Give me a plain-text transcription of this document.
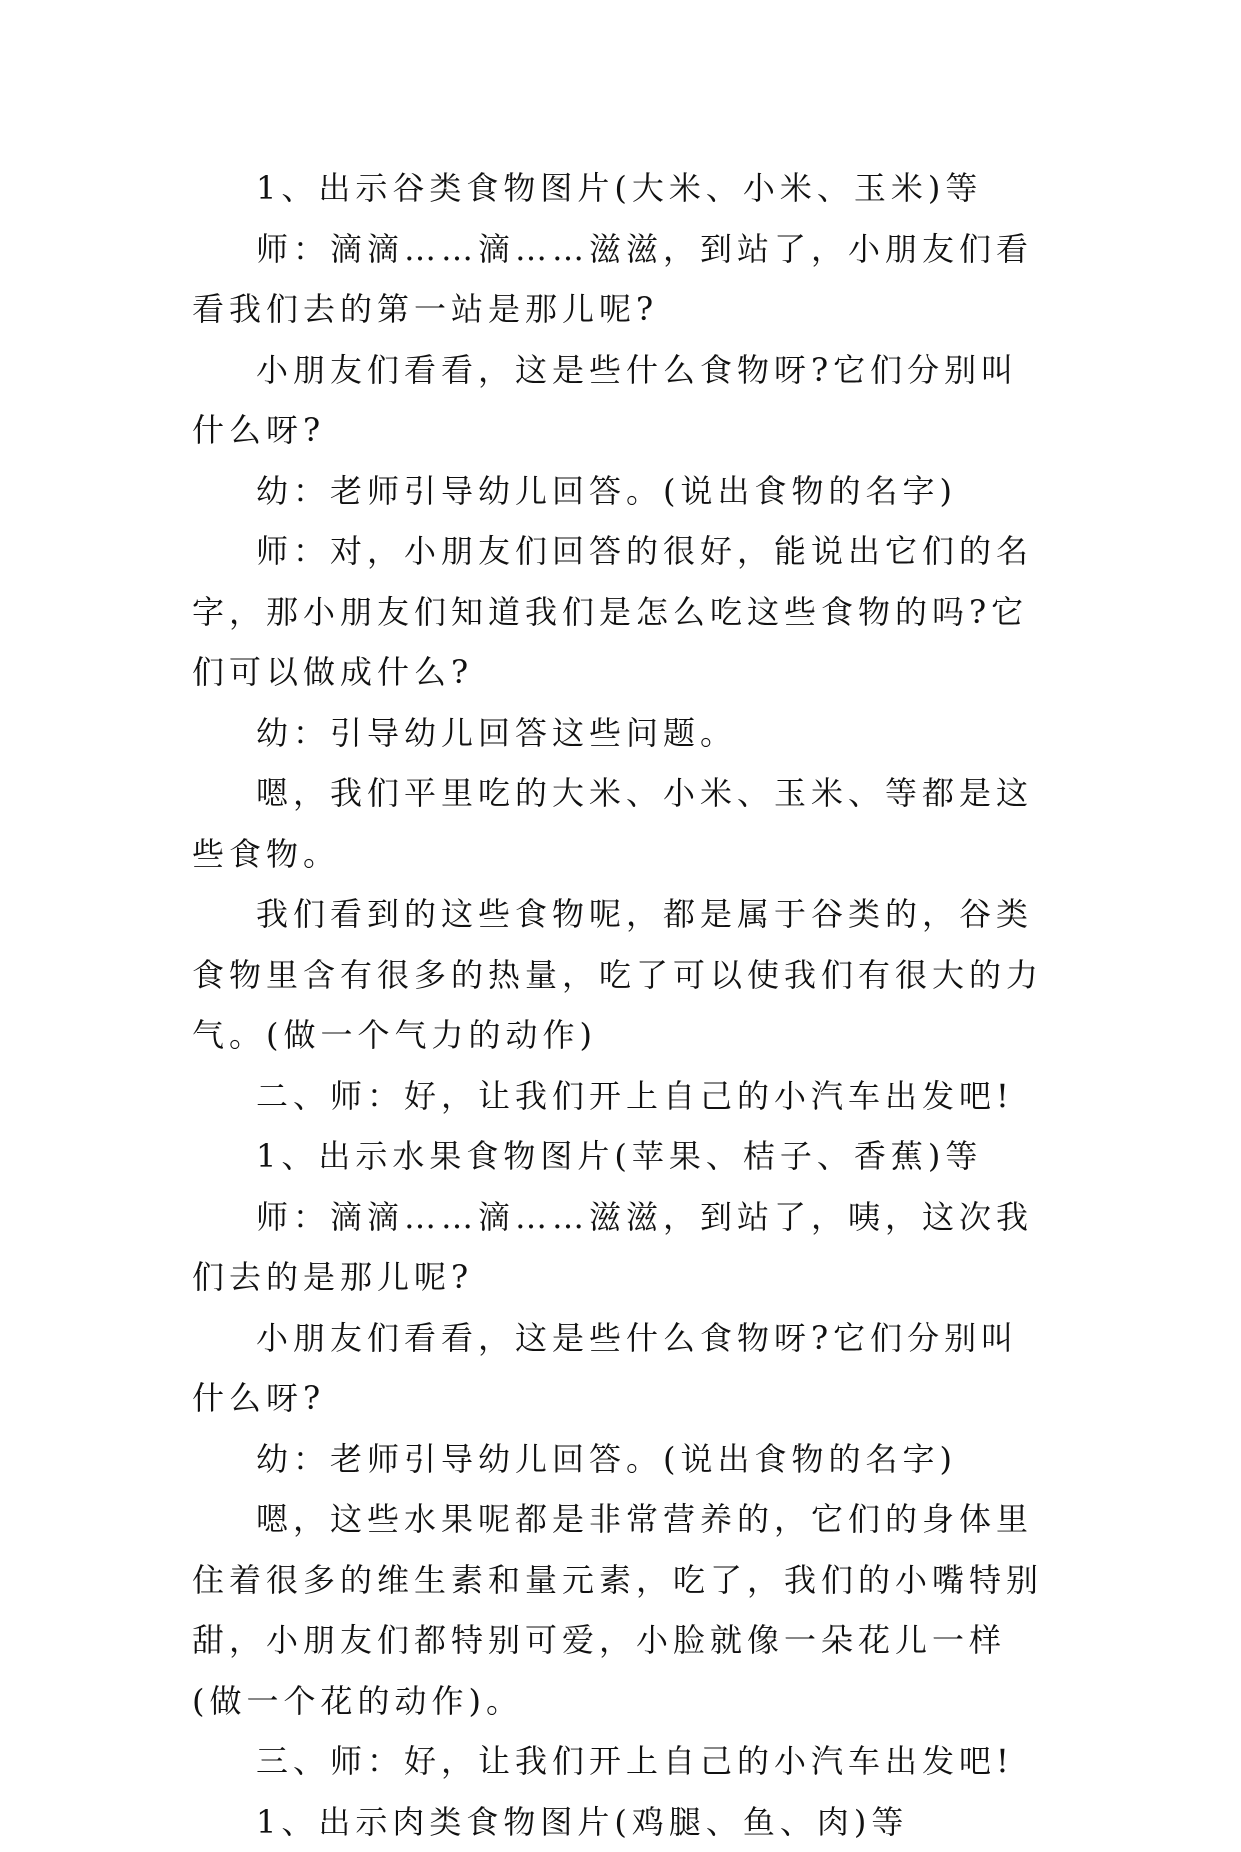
1、出示谷类食物图片(大米、小米、玉米)等

师：滴滴……滴……滋滋，到站了，小朋友们看看我们去的第一站是那儿呢?

小朋友们看看，这是些什么食物呀?它们分别叫什么呀?

幼：老师引导幼儿回答。(说出食物的名字)

师：对，小朋友们回答的很好，能说出它们的名字，那小朋友们知道我们是怎么吃这些食物的吗?它们可以做成什么?

幼：引导幼儿回答这些问题。

嗯，我们平里吃的大米、小米、玉米、等都是这些食物。

我们看到的这些食物呢，都是属于谷类的，谷类食物里含有很多的热量，吃了可以使我们有很大的力气。(做一个气力的动作)

二、师：好，让我们开上自己的小汽车出发吧!

1、出示水果食物图片(苹果、桔子、香蕉)等

师：滴滴……滴……滋滋，到站了，咦，这次我们去的是那儿呢?

小朋友们看看，这是些什么食物呀?它们分别叫什么呀?

幼：老师引导幼儿回答。(说出食物的名字)

嗯，这些水果呢都是非常营养的，它们的身体里住着很多的维生素和量元素，吃了，我们的小嘴特别甜，小朋友们都特别可爱，小脸就像一朵花儿一样(做一个花的动作)。

三、师：好，让我们开上自己的小汽车出发吧!

1、出示肉类食物图片(鸡腿、鱼、肉)等
